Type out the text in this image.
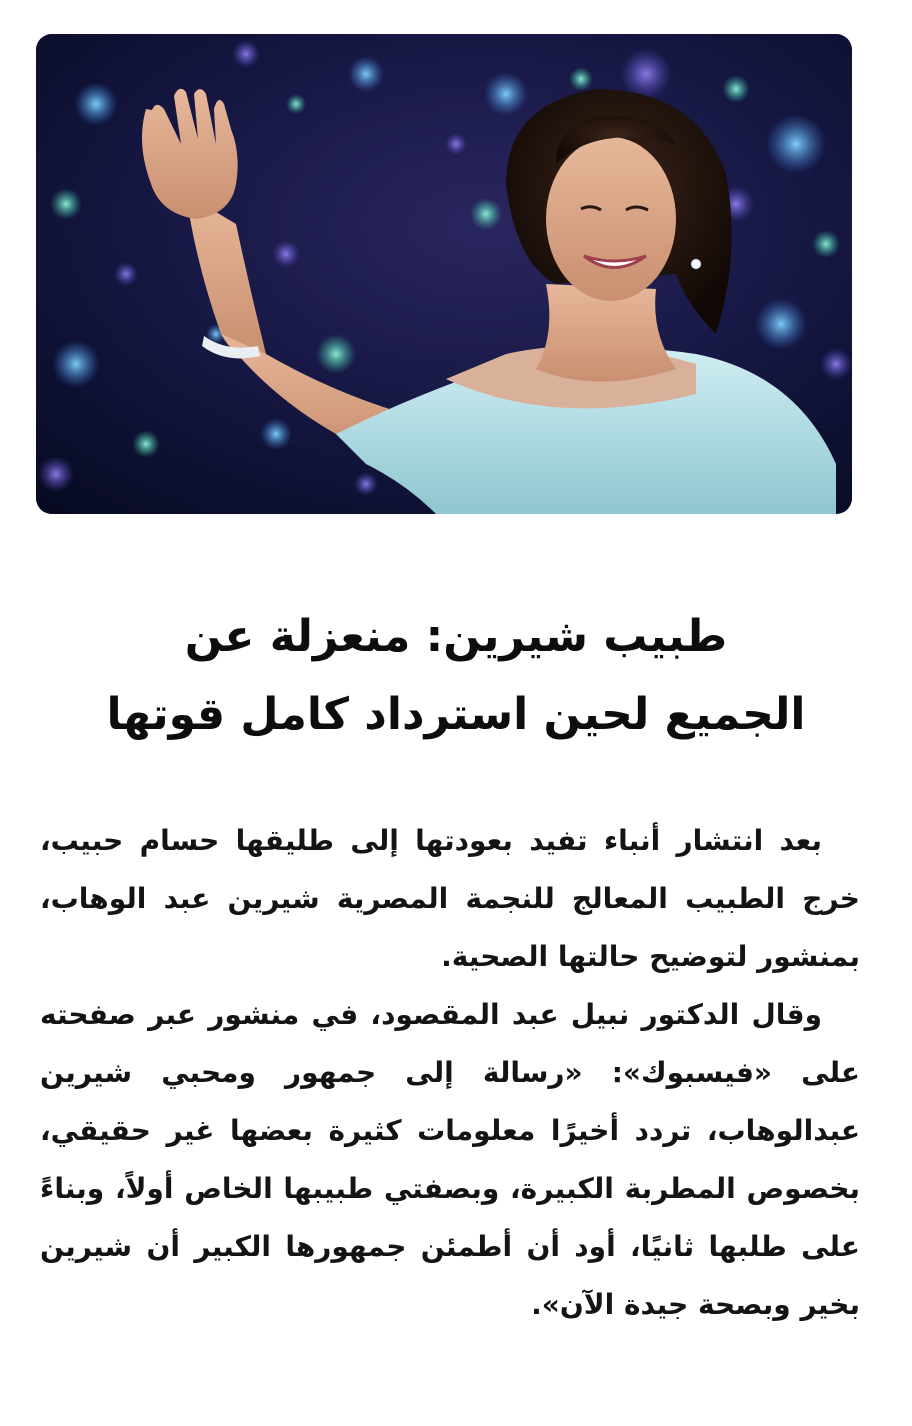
طبيب شيرين: منعزلة عن
الجميع لحين استرداد كامل قوتها

بعد انتشار أنباء تفيد بعودتها إلى طليقها حسام حبيب، خرج الطبيب المعالج للنجمة المصرية شيرين عبد الوهاب، بمنشور لتوضيح حالتها الصحية.

وقال الدكتور نبيل عبد المقصود، في منشور عبر صفحته على «فيسبوك»: «رسالة إلى جمهور ومحبي شيرين عبدالوهاب، تردد أخيرًا معلومات كثيرة بعضها غير حقيقي، بخصوص المطربة الكبيرة، وبصفتي طبيبها الخاص أولاً، وبناءً على طلبها ثانيًا، أود أن أطمئن جمهورها الكبير أن شيرين بخير وبصحة جيدة الآن».
